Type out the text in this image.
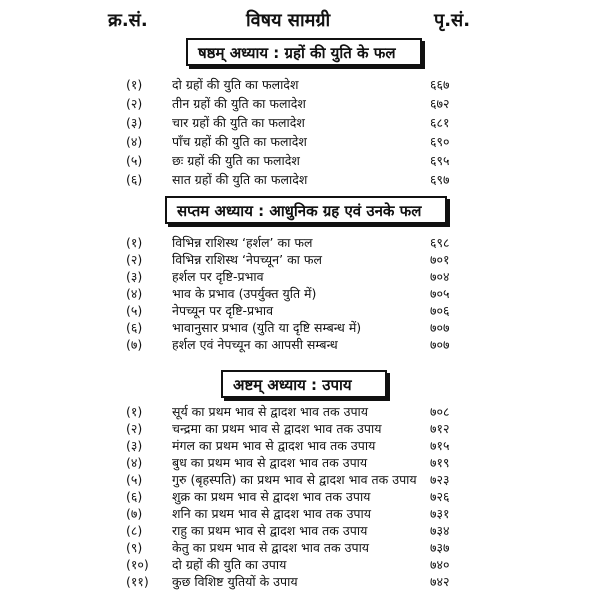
क्र.सं.	विषय सामग्री	पृ.सं.
षष्ठम् अध्याय : ग्रहों की युति के फल
(१)	दो ग्रहों की युति का फलादेश	६६७
(२)	तीन ग्रहों की युति का फलादेश	६७२
(३)	चार ग्रहों की युति का फलादेश	६८१
(४)	पाँच ग्रहों की युति का फलादेश	६९०
(५)	छः ग्रहों की युति का फलादेश	६९५
(६)	सात ग्रहों की युति का फलादेश	६९७
सप्तम अध्याय : आधुनिक ग्रह एवं उनके फल
(१)	विभिन्न राशिस्थ ‘हर्शल’ का फल	६९८
(२)	विभिन्न राशिस्थ ‘नेपच्यून’ का फल	७०१
(३)	हर्शल पर दृष्टि-प्रभाव	७०४
(४)	भाव के प्रभाव (उपर्युक्त युति में)	७०५
(५)	नेपच्यून पर दृष्टि-प्रभाव	७०६
(६)	भावानुसार प्रभाव (युति या दृष्टि सम्बन्ध में)	७०७
(७)	हर्शल एवं नेपच्यून का आपसी सम्बन्ध	७०७
अष्टम् अध्याय : उपाय
(१)	सूर्य का प्रथम भाव से द्वादश भाव तक उपाय	७०८
(२)	चन्द्रमा का प्रथम भाव से द्वादश भाव तक उपाय	७१२
(३)	मंगल का प्रथम भाव से द्वादश भाव तक उपाय	७१५
(४)	बुध का प्रथम भाव से द्वादश भाव तक उपाय	७१९
(५)	गुरु (बृहस्पति) का प्रथम भाव से द्वादश भाव तक उपाय ७२३
(६)	शुक्र का प्रथम भाव से द्वादश भाव तक उपाय	७२६
(७)	शनि का प्रथम भाव से द्वादश भाव तक उपाय	७३१
(८)	राहु का प्रथम भाव से द्वादश भाव तक उपाय	७३४
(९)	केतु का प्रथम भाव से द्वादश भाव तक उपाय	७३७
(१०)	दो ग्रहों की युति का उपाय	७४०
(११)	कुछ विशिष्ट युतियों के उपाय	७४२
